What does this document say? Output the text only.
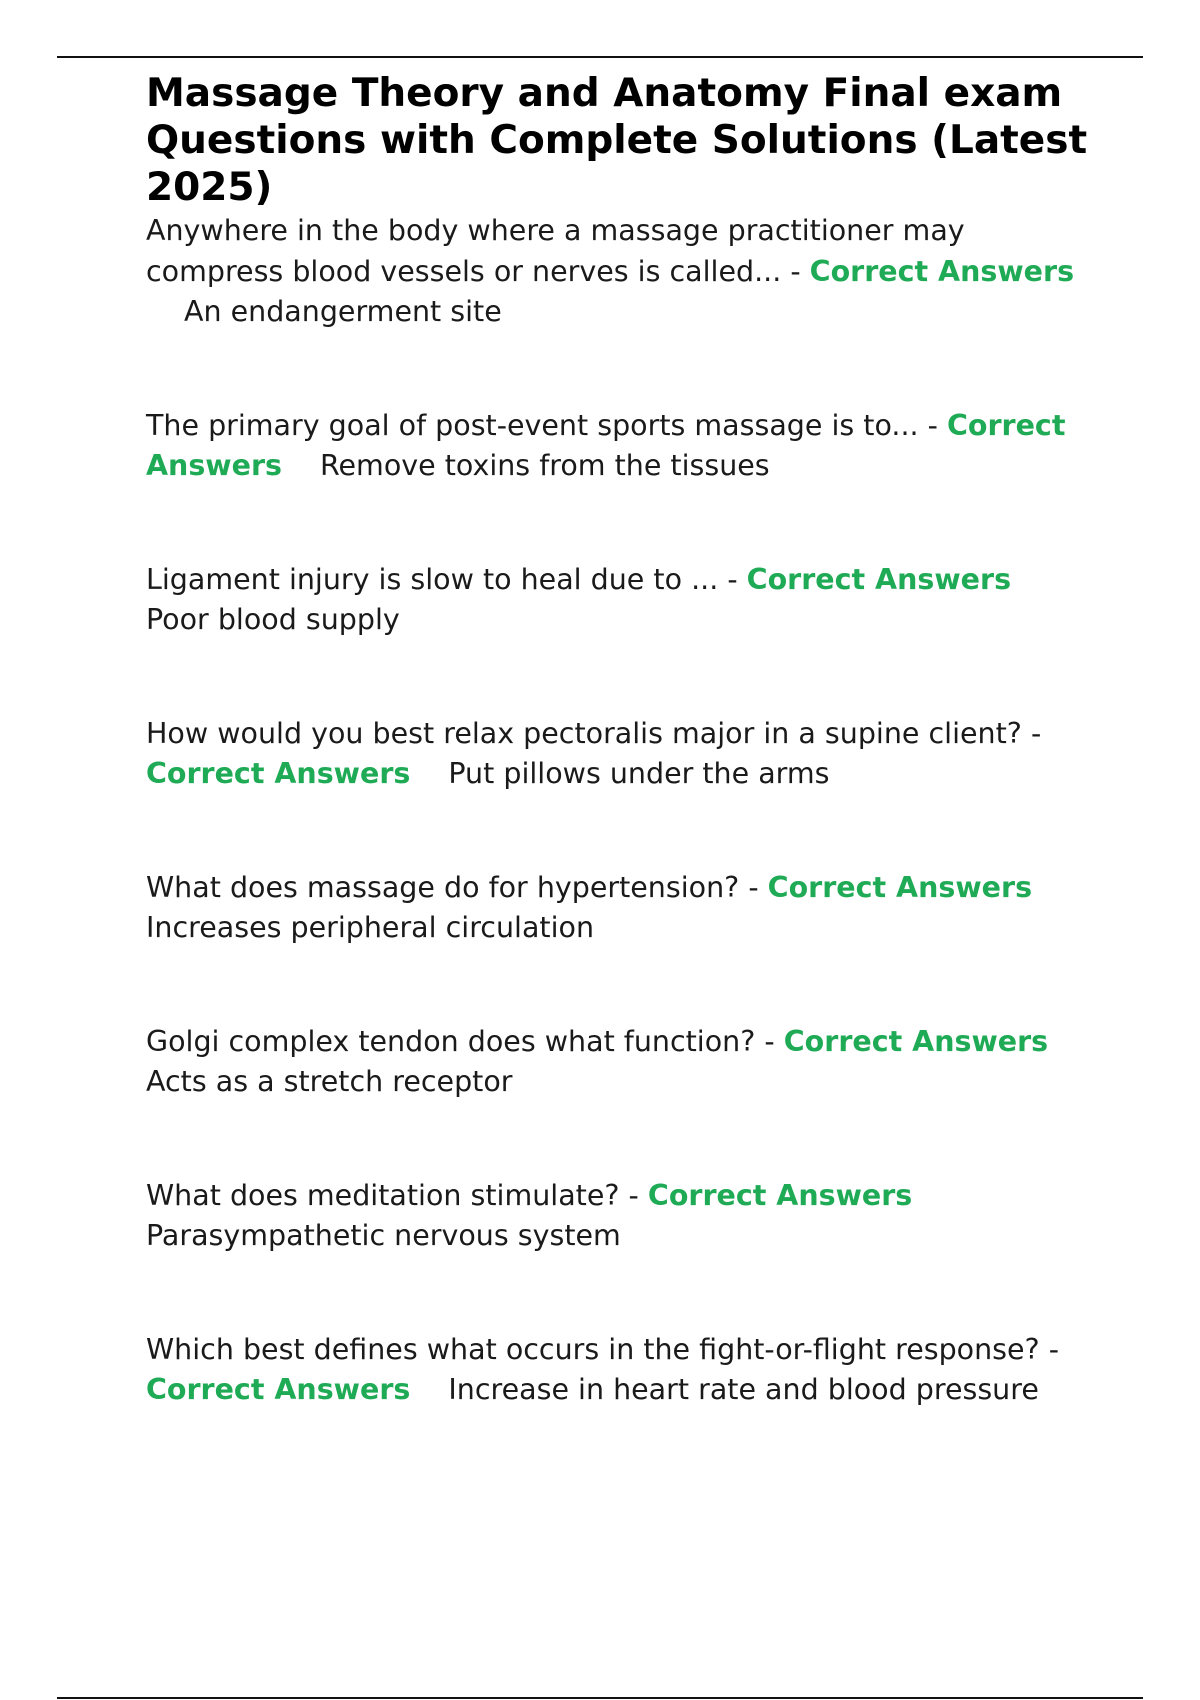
Massage Theory and Anatomy Final exam Questions with Complete Solutions (Latest 2025)

Anywhere in the body where a massage practitioner may compress blood vessels or nerves is called... - Correct AnswersAn endangerment site

The primary goal of post-event sports massage is to... - Correct Answers Remove toxins from the tissues

Ligament injury is slow to heal due to ... - Correct AnswersPoor blood supply

How would you best relax pectoralis major in a supine client? - Correct Answers Put pillows under the arms

What does massage do for hypertension? - Correct AnswersIncreases peripheral circulation

Golgi complex tendon does what function? - Correct AnswersActs as a stretch receptor

What does meditation stimulate? - Correct AnswersParasympathetic nervous system

Which best defines what occurs in the fight-or-flight response? - Correct Answers Increase in heart rate and blood pressure
